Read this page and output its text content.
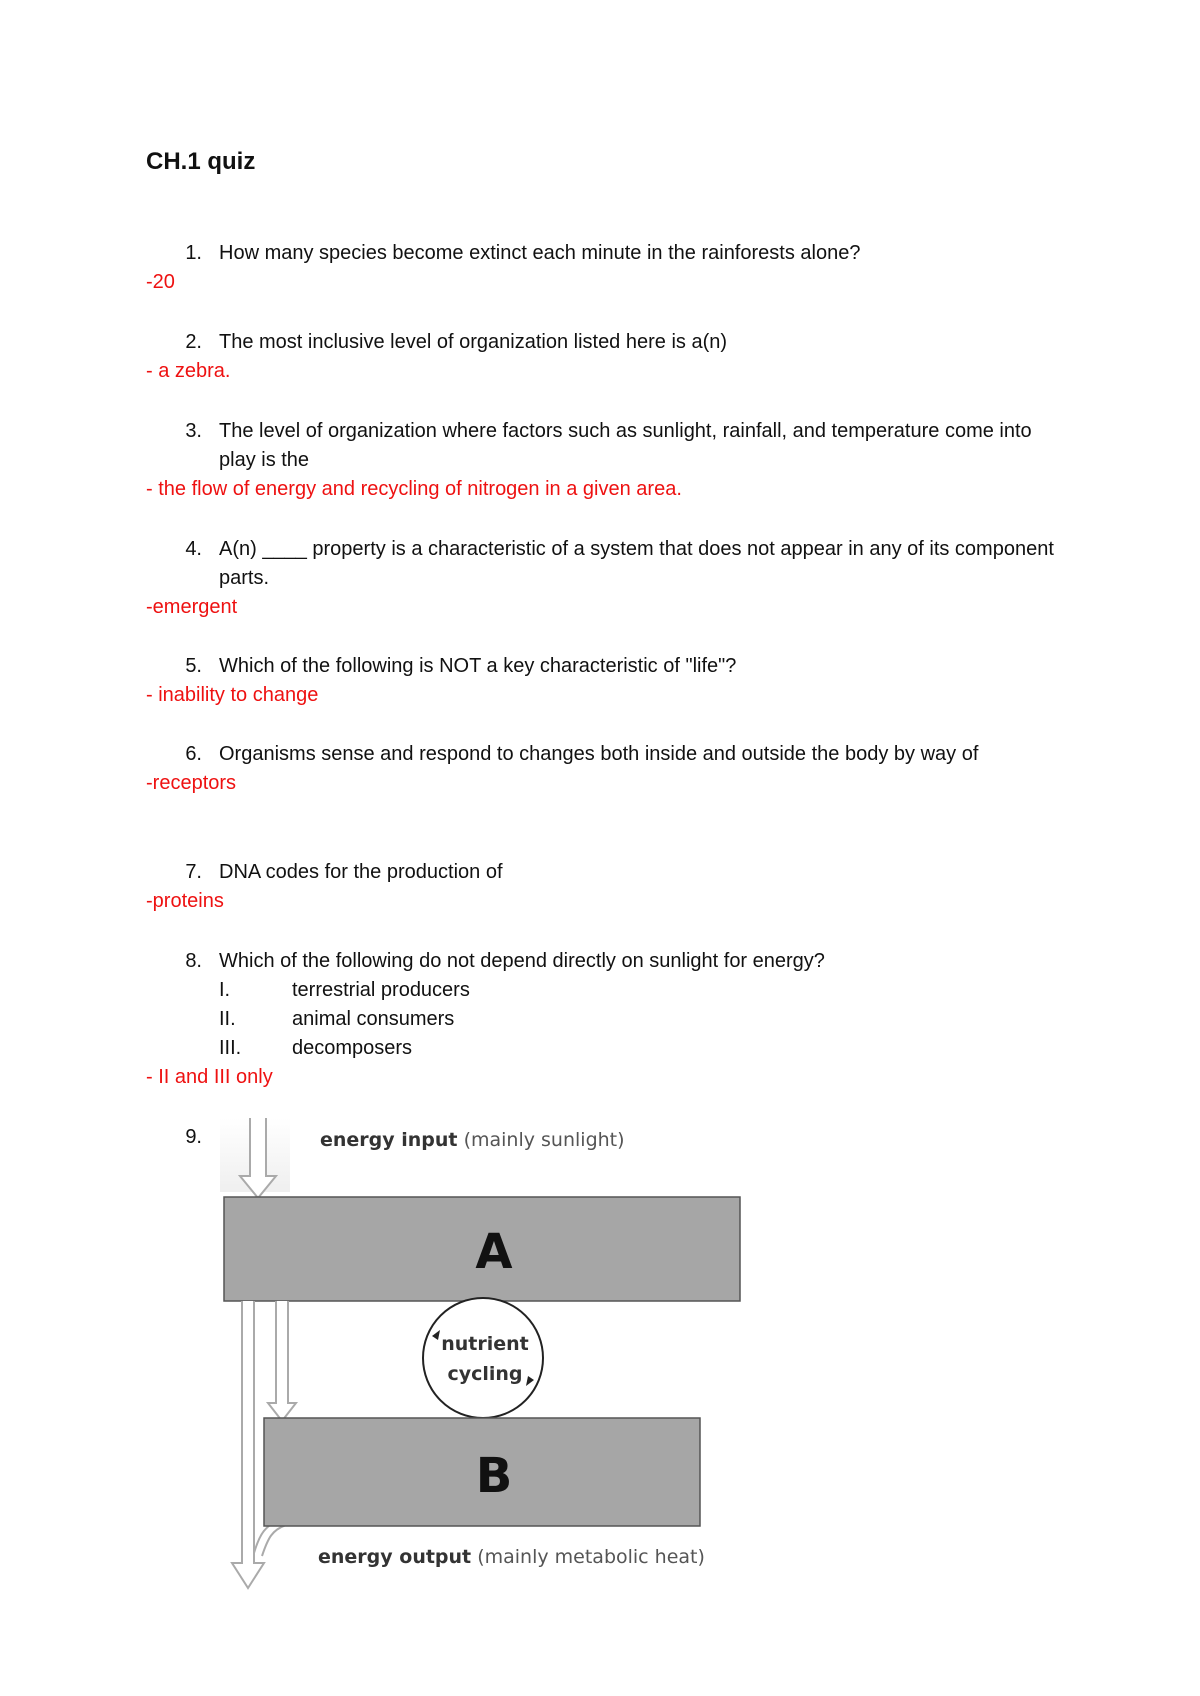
CH.1 quiz
1. How many species become extinct each minute in the rainforests alone?
-20
2. The most inclusive level of organization listed here is a(n)
- a zebra.
3. The level of organization where factors such as sunlight, rainfall, and temperature come into play is the
- the flow of energy and recycling of nitrogen in a given area.
4. A(n) ____ property is a characteristic of a system that does not appear in any of its component parts.
-emergent
5. Which of the following is NOT a key characteristic of "life"?
- inability to change
6. Organisms sense and respond to changes both inside and outside the body by way of
-receptors
7. DNA codes for the production of
-proteins
8. Which of the following do not depend directly on sunlight for energy?
I.	terrestrial producers
II.	animal consumers
III.	decomposers
- II and III only
9.	energy input (mainly sunlight)
A
nutrient
cycling
B
energy output (mainly metabolic heat)
